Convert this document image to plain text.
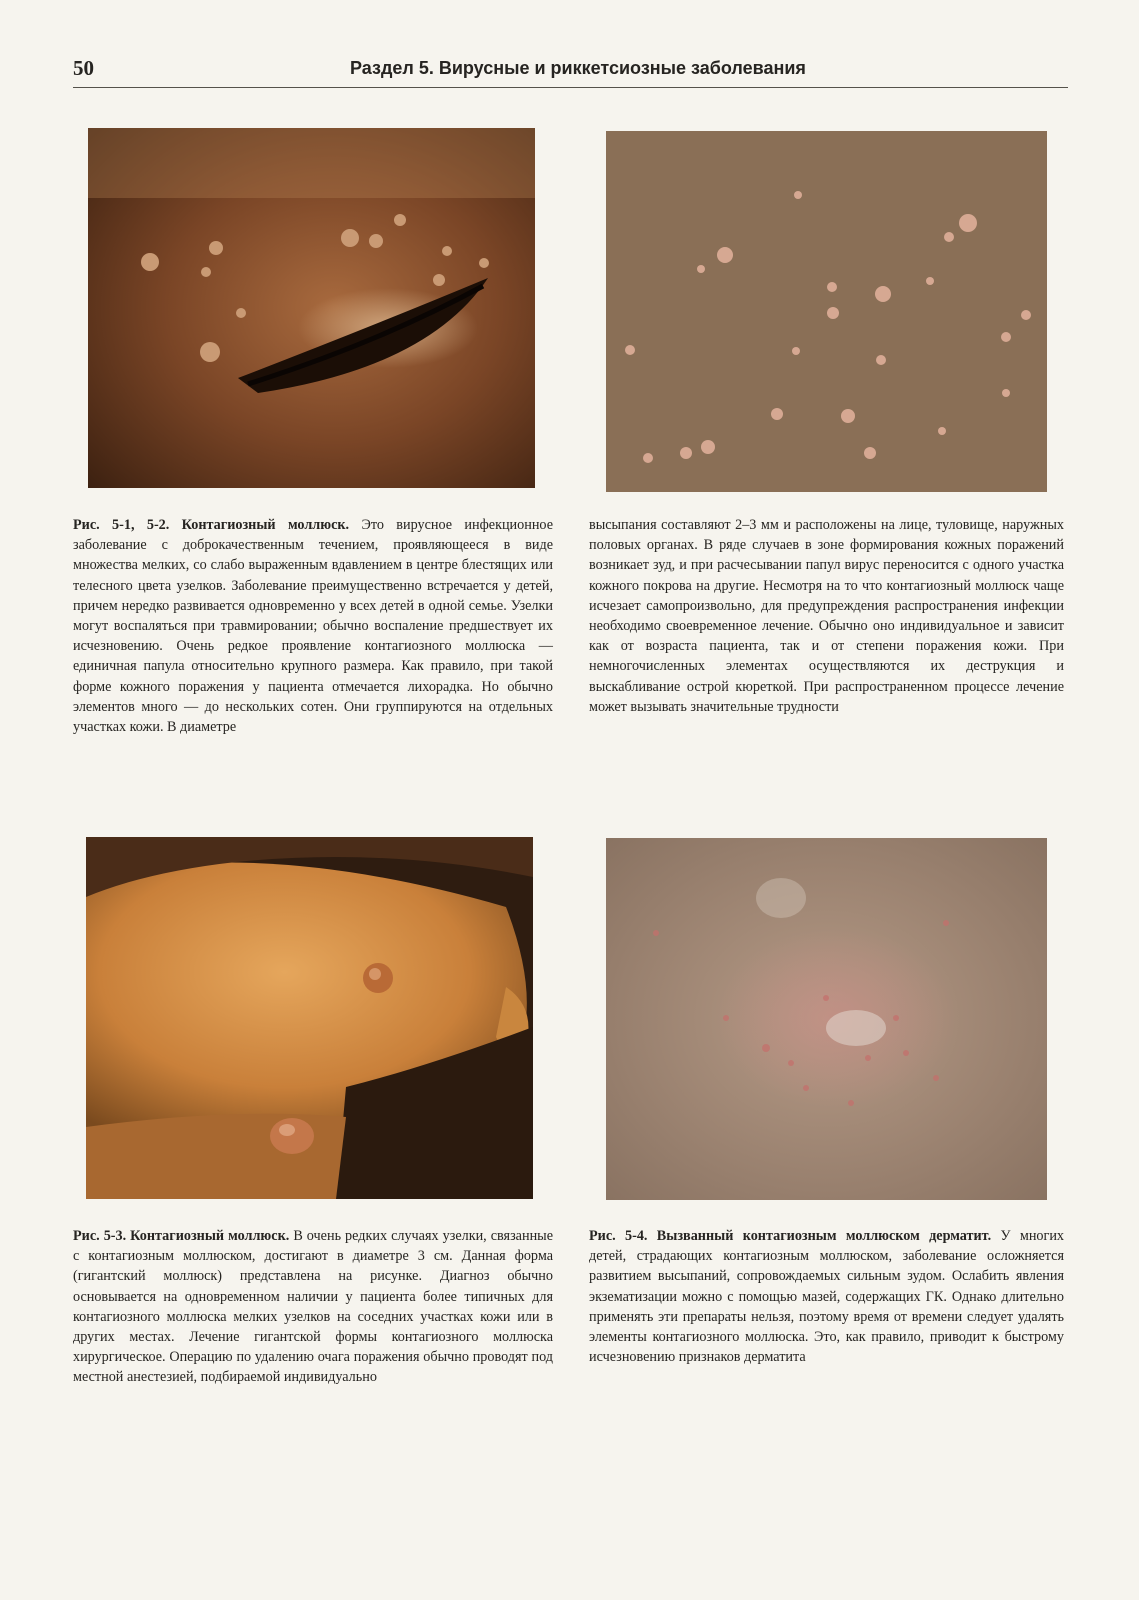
50	Раздел 5. Вирусные и риккетсиозные заболевания
Рис. 5-1, 5-2. Контагиозный моллюск. Это вирусное инфекционное заболевание с доброкачественным течением, проявляющееся в виде множества мелких, со слабо выраженным вдавлением в центре блестящих или телесного цвета узелков. Заболевание преимущественно встречается у детей, причем нередко развивается одновременно у всех детей в одной семье. Узелки могут воспаляться при травмировании; обычно воспаление предшествует их исчезновению. Очень редкое проявление контагиозного моллюска — единичная папула относительно крупного размера. Как правило, при такой форме кожного поражения у пациента отмечается лихорадка. Но обычно элементов много — до нескольких сотен. Они группируются на отдельных участках кожи. В диаметре
высыпания составляют 2–3 мм и расположены на лице, туловище, наружных половых органах. В ряде случаев в зоне формирования кожных поражений возникает зуд, и при расчесывании папул вирус переносится с одного участка кожного покрова на другие. Несмотря на то что контагиозный моллюск чаще исчезает самопроизвольно, для предупреждения распространения инфекции необходимо своевременное лечение. Обычно оно индивидуальное и зависит как от возраста пациента, так и от степени поражения кожи. При немногочисленных элементах осуществляются их деструкция и выскабливание острой кюреткой. При распространенном процессе лечение может вызывать значительные трудности
Рис. 5-3. Контагиозный моллюск. В очень редких случаях узелки, связанные с контагиозным моллюском, достигают в диаметре 3 см. Данная форма (гигантский моллюск) представлена на рисунке. Диагноз обычно основывается на одновременном наличии у пациента более типичных для контагиозного моллюска мелких узелков на соседних участках кожи или в других местах. Лечение гигантской формы контагиозного моллюска хирургическое. Операцию по удалению очага поражения обычно проводят под местной анестезией, подбираемой индивидуально
Рис. 5-4. Вызванный контагиозным моллюском дерматит. У многих детей, страдающих контагиозным моллюском, заболевание осложняется развитием высыпаний, сопровождаемых сильным зудом. Ослабить явления экзематизации можно с помощью мазей, содержащих ГК. Однако длительно применять эти препараты нельзя, поэтому время от времени следует удалять элементы контагиозного моллюска. Это, как правило, приводит к быстрому исчезновению признаков дерматита
